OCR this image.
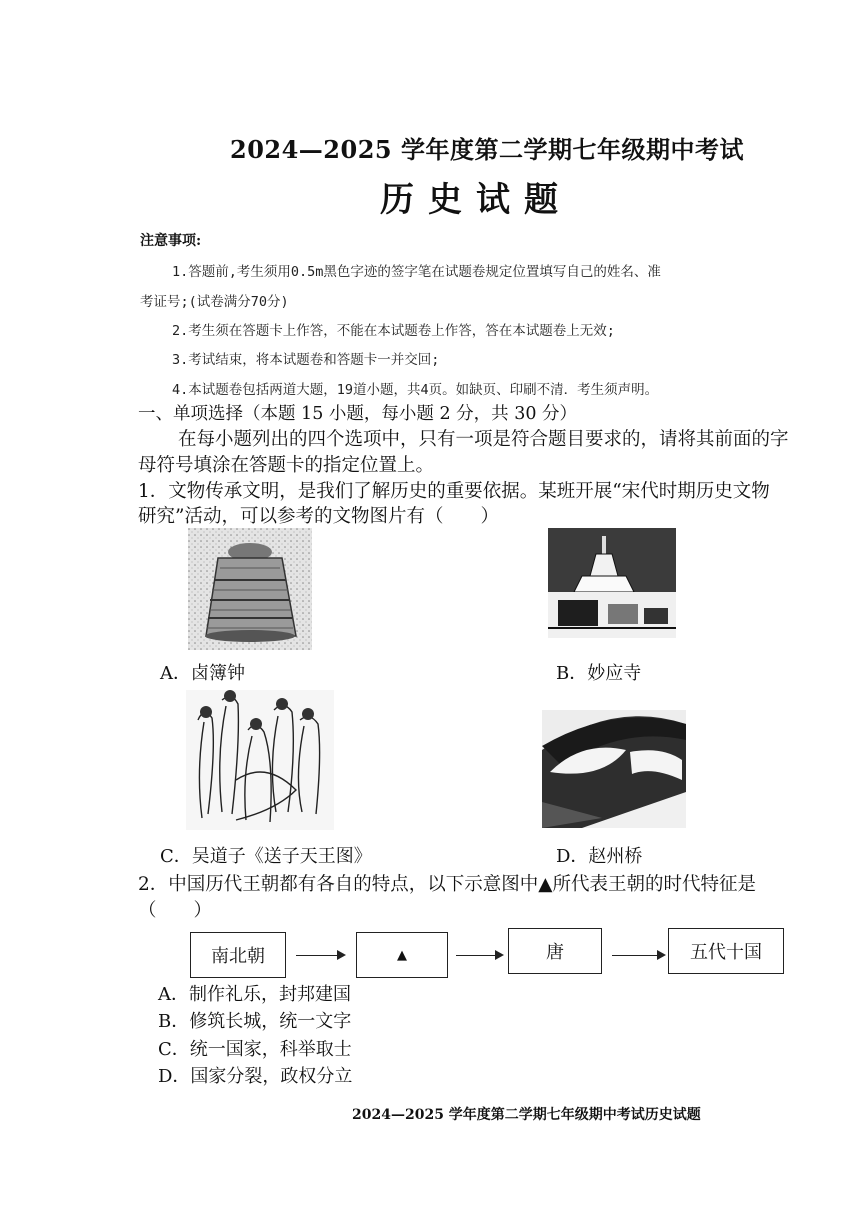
2024—2025 学年度第二学期七年级期中考试
历史试题
注意事项:
1.答题前,考生须用0.5m黑色字迹的签字笔在试题卷规定位置填写自己的姓名、准
考证号;(试卷满分70分)
2.考生须在答题卡上作答，不能在本试题卷上作答，答在本试题卷上无效;
3.考试结束，将本试题卷和答题卡一并交回;
4.本试题卷包括两道大题，19道小题，共4页。如缺页、印刷不清．考生须声明。
一、单项选择（本题 15 小题，每小题 2 分，共 30 分）
在每小题列出的四个选项中，只有一项是符合题目要求的，请将其前面的字
母符号填涂在答题卡的指定位置上。
1．文物传承文明，是我们了解历史的重要依据。某班开展“宋代时期历史文物
研究”活动，可以参考的文物图片有（　　）
A．卤簿钟	B．妙应寺
C．吴道子《送子天王图》	D．赵州桥
2．中国历代王朝都有各自的特点，以下示意图中▲所代表王朝的时代特征是
（　　）
南北朝	▲	唐	五代十国
A．制作礼乐，封邦建国
B．修筑长城，统一文字
C．统一国家，科举取士
D．国家分裂，政权分立
2024—2025 学年度第二学期七年级期中考试历史试题
